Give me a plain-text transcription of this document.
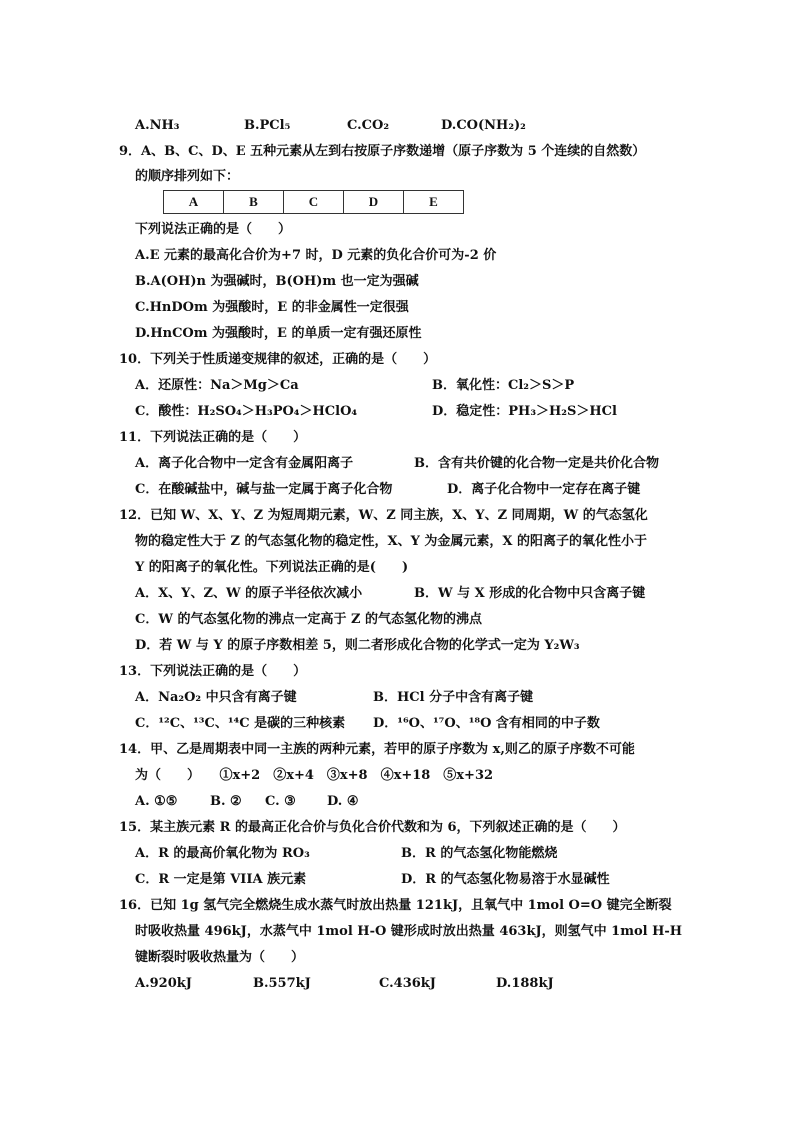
A.NH₃	B.PCl₅	C.CO₂	D.CO(NH₂)₂
9．A、B、C、D、E 五种元素从左到右按原子序数递增（原子序数为 5 个连续的自然数）
的顺序排列如下：
A	B	C	D	E
下列说法正确的是（　　）
A.E 元素的最高化合价为+7 时，D 元素的负化合价可为-2 价
B.A(OH)n 为强碱时，B(OH)m 也一定为强碱
C.HnDOm 为强酸时，E 的非金属性一定很强
D.HnCOm 为强酸时，E 的单质一定有强还原性
10．下列关于性质递变规律的叙述，正确的是（　　）
A．还原性：Na＞Mg＞Ca	B．氧化性：Cl₂＞S＞P
C．酸性：H₂SO₄＞H₃PO₄＞HClO₄	D．稳定性：PH₃＞H₂S＞HCl
11．下列说法正确的是（　　）
A．离子化合物中一定含有金属阳离子	B．含有共价键的化合物一定是共价化合物
C．在酸碱盐中，碱与盐一定属于离子化合物	D．离子化合物中一定存在离子键
12．已知 W、X、Y、Z 为短周期元素，W、Z 同主族，X、Y、Z 同周期，W 的气态氢化
物的稳定性大于 Z 的气态氢化物的稳定性，X、Y 为金属元素，X 的阳离子的氧化性小于
Y 的阳离子的氧化性。下列说法正确的是(　　)
A．X、Y、Z、W 的原子半径依次减小	B．W 与 X 形成的化合物中只含离子键
C．W 的气态氢化物的沸点一定高于 Z 的气态氢化物的沸点
D．若 W 与 Y 的原子序数相差 5，则二者形成化合物的化学式一定为 Y₂W₃
13．下列说法正确的是（　　）
A．Na₂O₂ 中只含有离子键	B．HCl 分子中含有离子键
C．¹²C、¹³C、¹⁴C 是碳的三种核素 D．¹⁶O、¹⁷O、¹⁸O 含有相同的中子数
14．甲、乙是周期表中同一主族的两种元素，若甲的原子序数为 x,则乙的原子序数不可能
为（　　）　　①x+2　②x+4　③x+8　④x+18　⑤x+32
A. ①⑤	B. ② C. ③ D. ④
15．某主族元素 R 的最高正化合价与负化合价代数和为 6，下列叙述正确的是（　　）
A．R 的最高价氧化物为 RO₃	B．R 的气态氢化物能燃烧
C．R 一定是第 VIIA 族元素	D．R 的气态氢化物易溶于水显碱性
16．已知 1g 氢气完全燃烧生成水蒸气时放出热量 121kJ，且氧气中 1mol O=O 键完全断裂
时吸收热量 496kJ，水蒸气中 1mol H-O 键形成时放出热量 463kJ，则氢气中 1mol H-H
键断裂时吸收热量为（　　）
A.920kJ	B.557kJ	C.436kJ	D.188kJ
